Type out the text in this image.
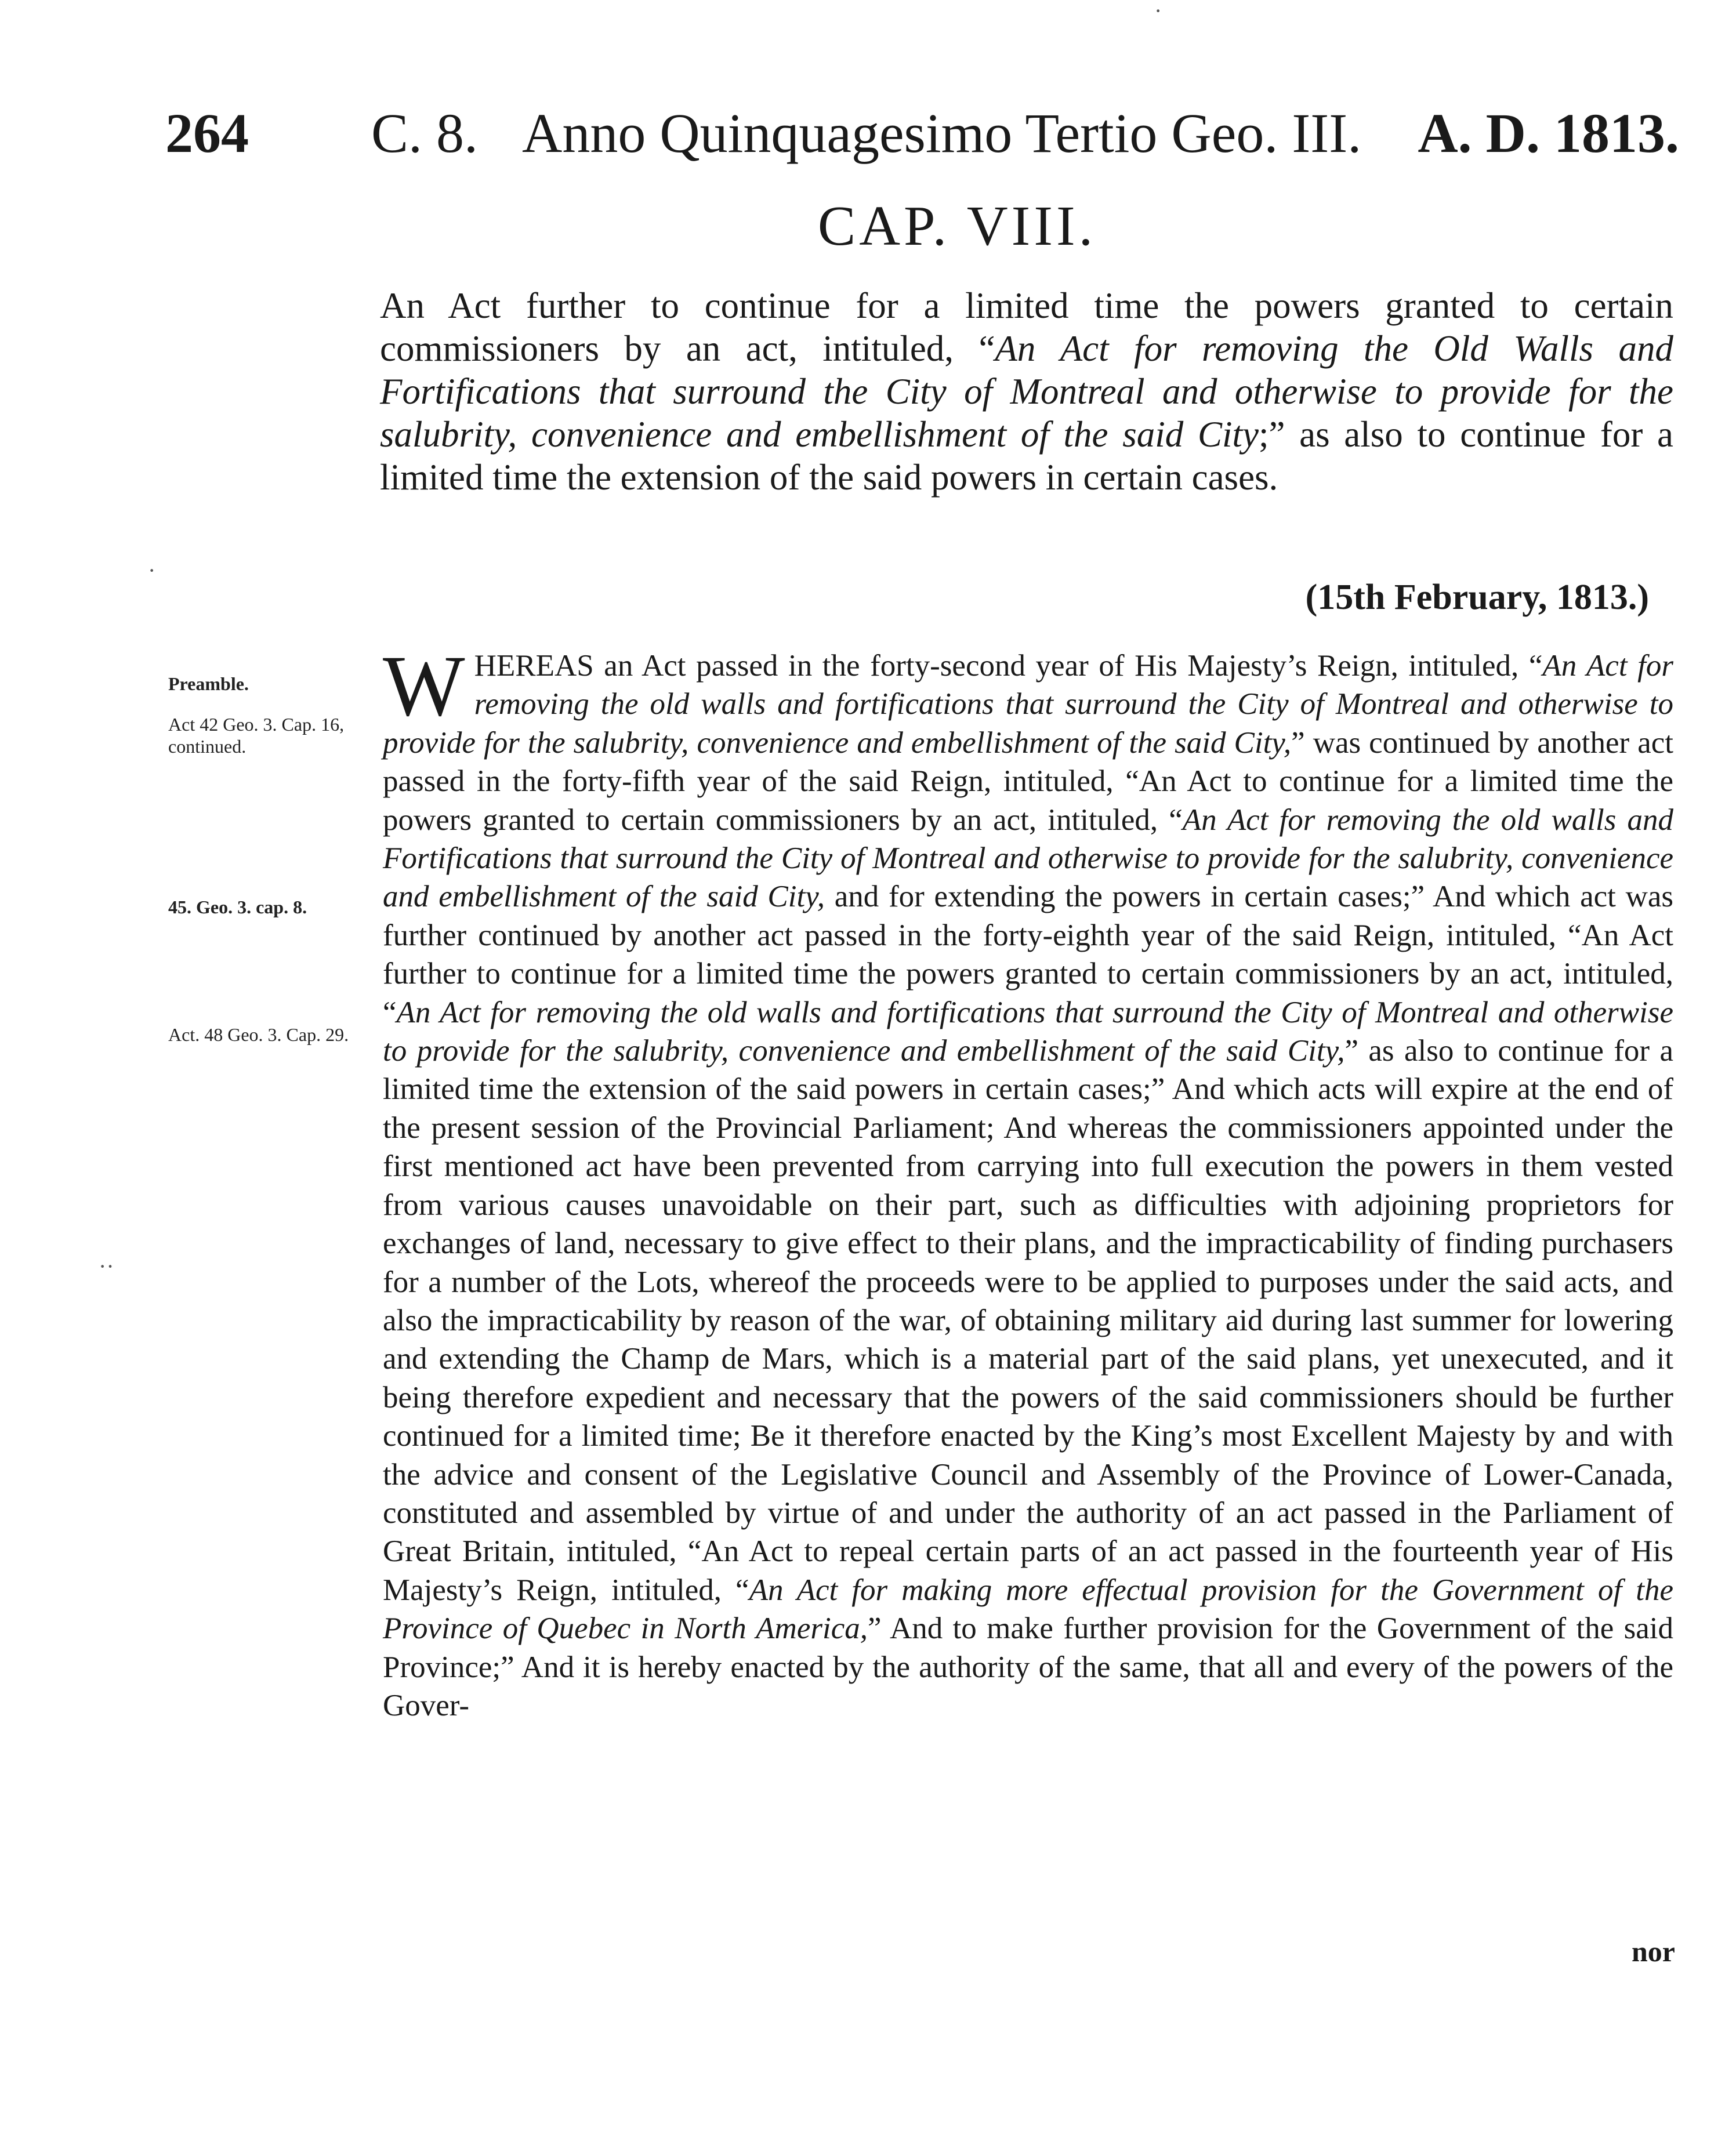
264 C. 8. Anno Quinquagesimo Tertio Geo. III. A. D. 1813.
CAP. VIII.
An Act further to continue for a limited time the powers granted to certain commissioners by an act, intituled, “An Act for removing the Old Walls and Fortifications that surround the City of Montreal and otherwise to provide for the salubrity, convenience and embellishment of the said City;” as also to continue for a limited time the extension of the said powers in certain cases.
(15th February, 1813.)
Preamble.
Act 42 Geo. 3. Cap. 16, continued.
45. Geo. 3. cap. 8.
Act. 48 Geo. 3. Cap. 29.
WHEREAS an Act passed in the forty-second year of His Majesty’s Reign, intituled, “An Act for removing the old walls and fortifications that surround the City of Montreal and otherwise to provide for the salubrity, convenience and embellishment of the said City,” was continued by another act passed in the forty-fifth year of the said Reign, intituled, “An Act to continue for a limited time the powers granted to certain commissioners by an act, intituled, “An Act for removing the old walls and Fortifications that surround the City of Montreal and otherwise to provide for the salubrity, convenience and embellishment of the said City, and for extending the powers in certain cases;” And which act was further continued by another act passed in the forty-eighth year of the said Reign, intituled, “An Act further to continue for a limited time the powers granted to certain commissioners by an act, intituled, “An Act for removing the old walls and fortifications that surround the City of Montreal and otherwise to provide for the salubrity, convenience and embellishment of the said City,” as also to continue for a limited time the extension of the said powers in certain cases;” And which acts will expire at the end of the present session of the Provincial Parliament; And whereas the commissioners appointed under the first mentioned act have been prevented from carrying into full execution the powers in them vested from various causes unavoidable on their part, such as difficulties with adjoining proprietors for exchanges of land, necessary to give effect to their plans, and the impracticability of finding purchasers for a number of the Lots, whereof the proceeds were to be applied to purposes under the said acts, and also the impracticability by reason of the war, of obtaining military aid during last summer for lowering and extending the Champ de Mars, which is a material part of the said plans, yet unexecuted, and it being therefore expedient and necessary that the powers of the said commissioners should be further continued for a limited time; Be it therefore enacted by the King’s most Excellent Majesty by and with the advice and consent of the Legislative Council and Assembly of the Province of Lower-Canada, constituted and assembled by virtue of and under the authority of an act passed in the Parliament of Great Britain, intituled, “An Act to repeal certain parts of an act passed in the fourteenth year of His Majesty’s Reign, intituled, “An Act for making more effectual provision for the Government of the Province of Quebec in North America,” And to make further provision for the Government of the said Province;” And it is hereby enacted by the authority of the same, that all and every of the powers of the Gover-
nor
·
··
·
